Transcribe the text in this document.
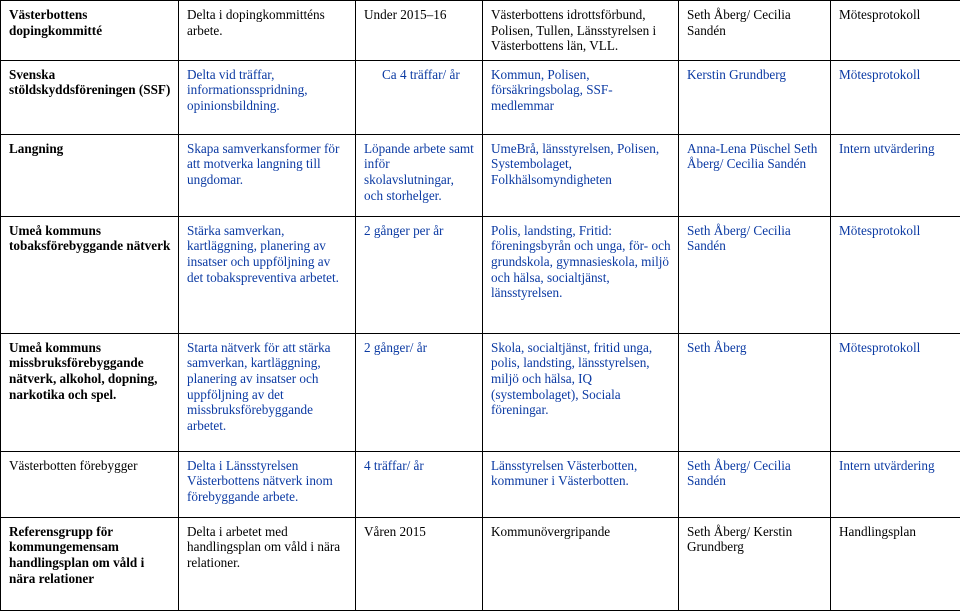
Västerbottens dopingkommitté	Delta i dopingkommitténs arbete.	Under 2015–16	Västerbottens idrottsförbund, Polisen, Tullen, Länsstyrelsen i Västerbottens län, VLL.	Seth Åberg/ Cecilia Sandén	Mötesprotokoll
Svenska stöldskyddsföreningen (SSF)	Delta vid träffar, informationsspridning, opinionsbildning.	Ca 4 träffar/ år	Kommun, Polisen, försäkringsbolag, SSF-medlemmar	Kerstin Grundberg	Mötesprotokoll
Langning	Skapa samverkansformer för att motverka langning till ungdomar.	Löpande arbete samt inför skolavslutningar, och storhelger.	UmeBrå, länsstyrelsen, Polisen, Systembolaget, Folkhälsomyndigheten	Anna-Lena Püschel Seth Åberg/ Cecilia Sandén	Intern utvärdering
Umeå kommuns tobaksförebyggande nätverk	Stärka samverkan, kartläggning, planering av insatser och uppföljning av det tobakspreventiva arbetet.	2 gånger per år	Polis, landsting, Fritid: föreningsbyrån och unga, för- och grundskola, gymnasieskola, miljö och hälsa, socialtjänst, länsstyrelsen.	Seth Åberg/ Cecilia Sandén	Mötesprotokoll
Umeå kommuns missbruksförebyggande nätverk, alkohol, dopning, narkotika och spel.	Starta nätverk för att stärka samverkan, kartläggning, planering av insatser och uppföljning av det missbruksförebyggande arbetet.	2 gånger/ år	Skola, socialtjänst, fritid unga, polis, landsting, länsstyrelsen, miljö och hälsa, IQ (systembolaget), Sociala föreningar.	Seth Åberg	Mötesprotokoll
Västerbotten förebygger	Delta i Länsstyrelsen Västerbottens nätverk inom förebyggande arbete.	4 träffar/ år	Länsstyrelsen Västerbotten, kommuner i Västerbotten.	Seth Åberg/ Cecilia Sandén	Intern utvärdering
Referensgrupp för kommungemensam handlingsplan om våld i nära relationer	Delta i arbetet med handlingsplan om våld i nära relationer.	Våren 2015	Kommunövergripande	Seth Åberg/ Kerstin Grundberg	Handlingsplan
